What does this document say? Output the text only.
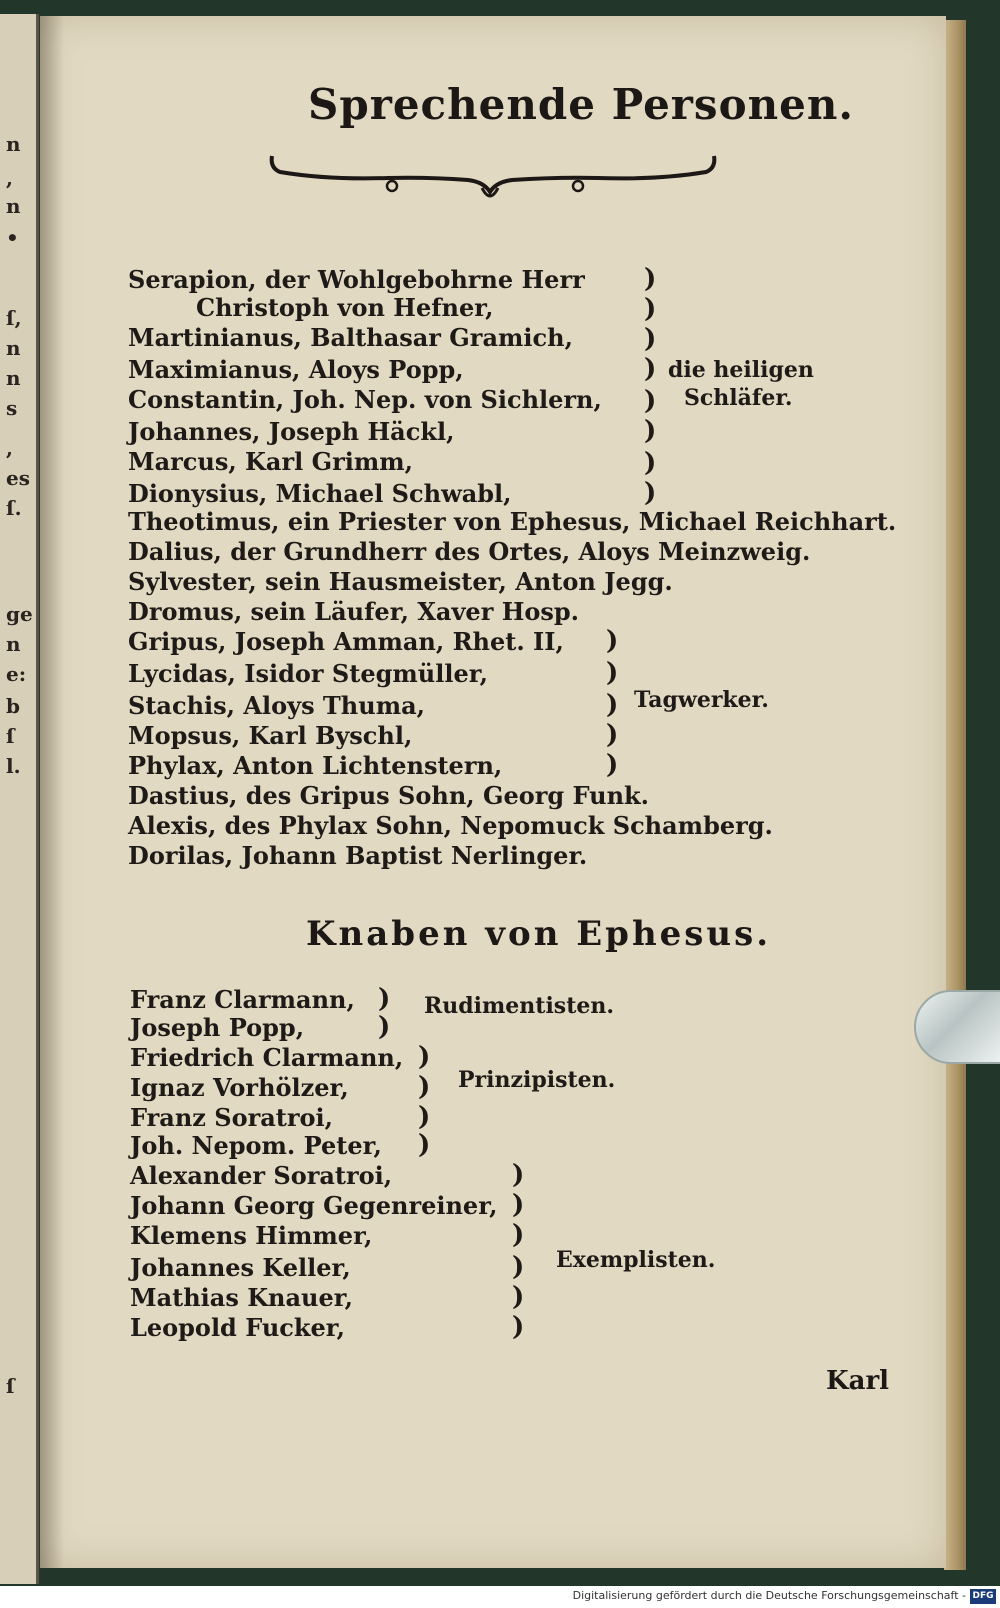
n
,
n
•
ſ,
n
n
s
,
es
ſ.
ge
n
e:
b
ſ
l.
ſ
Sprechende Personen.
Serapion, der Wohlgebohrne Herr
Christoph von Hefner,
Martinianus, Balthasar Gramich,
Maximianus, Aloys Popp,
Constantin, Joh. Nep. von Sichlern,
Johannes, Joseph Häckl,
Marcus, Karl Grimm,
Dionysius, Michael Schwabl,
Theotimus, ein Priester von Ephesus, Michael Reichhart.
Dalius, der Grundherr des Ortes, Aloys Meinzweig.
Sylvester, sein Hausmeister, Anton Jegg.
Dromus, sein Läufer, Xaver Hosp.
Gripus, Joseph Amman, Rhet. II,
Lycidas, Isidor Stegmüller,
Stachis, Aloys Thuma,
Mopsus, Karl Byschl,
Phylax, Anton Lichtenstern,
Dastius, des Gripus Sohn, Georg Funk.
Alexis, des Phylax Sohn, Nepomuck Schamberg.
Dorilas, Johann Baptist Nerlinger.
)
)
)
)
)
)
)
)
die heiligen
Schläfer.
)
)
)
)
)
Tagwerker.
Knaben von Ephesus.
Franz Clarmann,
Joseph Popp,
Friedrich Clarmann,
Ignaz Vorhölzer,
Franz Soratroi,
Joh. Nepom. Peter,
Alexander Soratroi,
Johann Georg Gegenreiner,
Klemens Himmer,
Johannes Keller,
Mathias Knauer,
Leopold Fucker,
)
)
Rudimentisten.
)
)
)
)
Prinzipisten.
)
)
)
)
)
)
Exemplisten.
Karl
Digitalisierung gefördert durch die Deutsche Forschungsgemeinschaft - DFG
